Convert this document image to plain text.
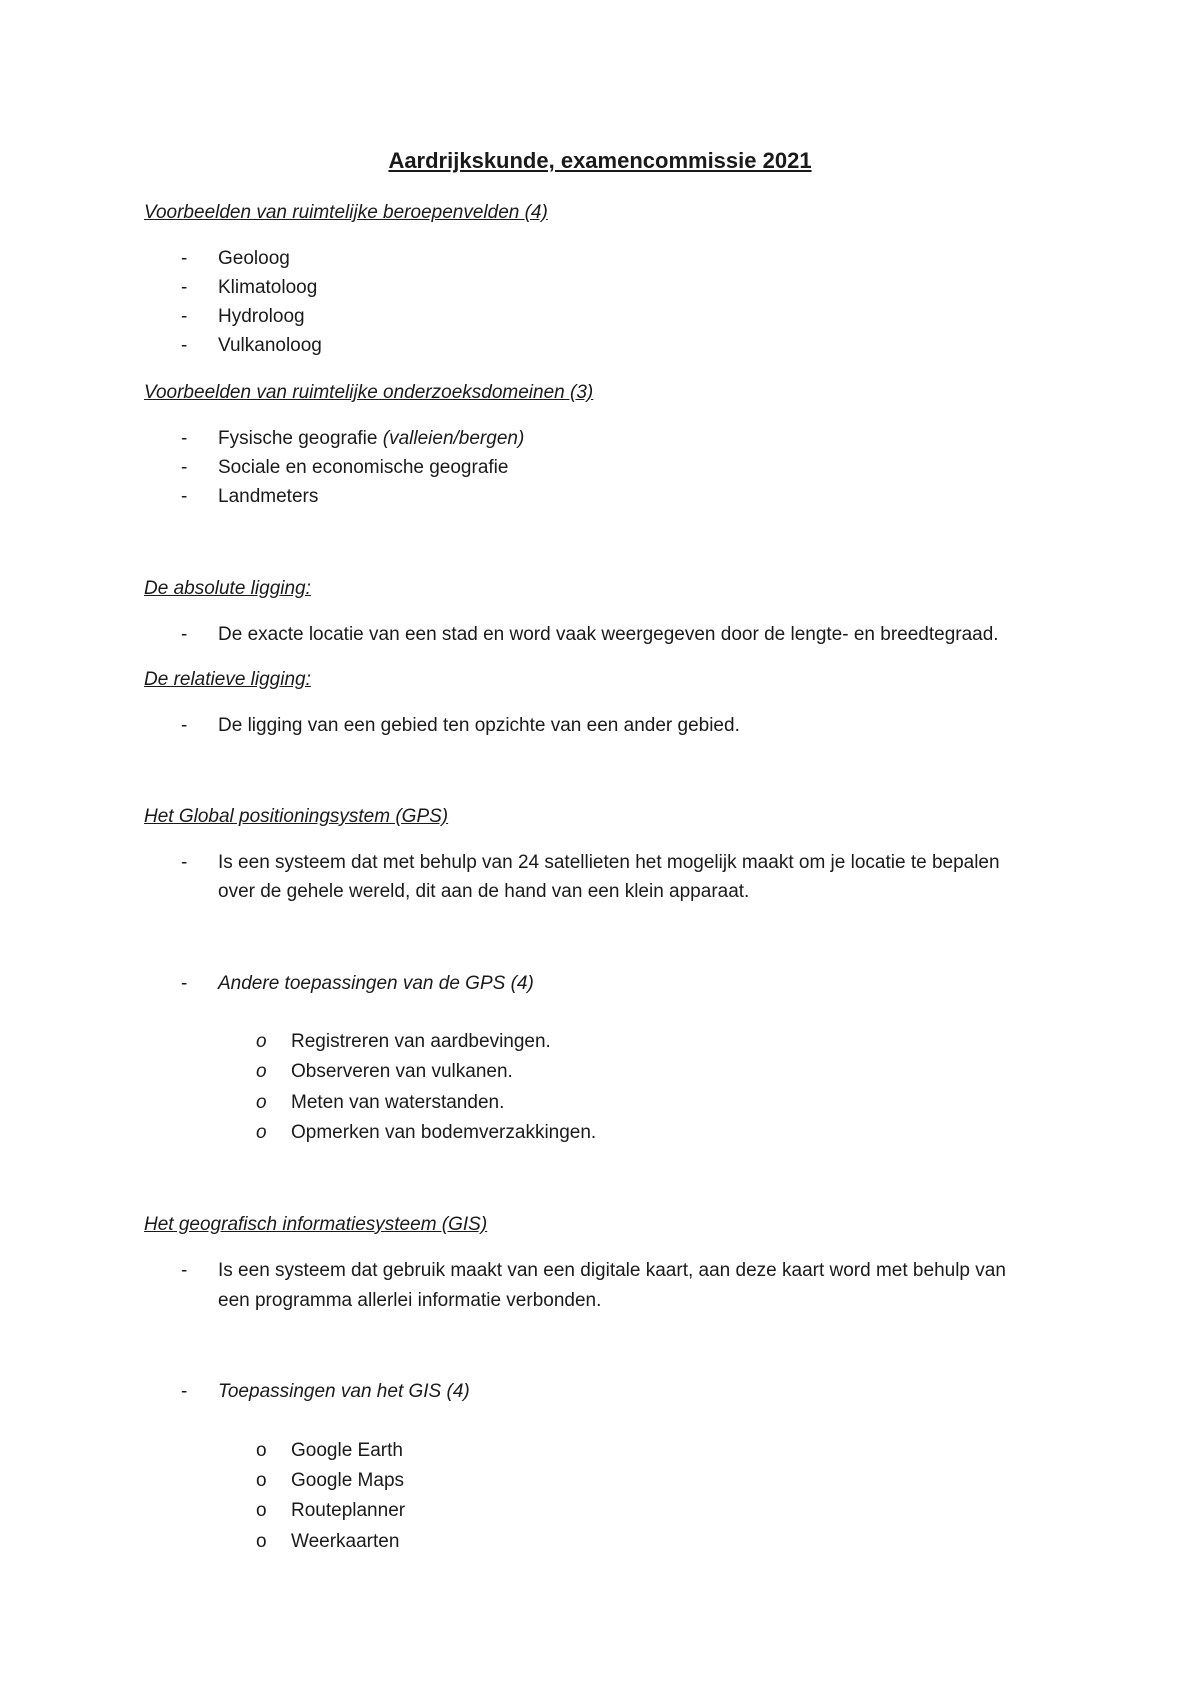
Aardrijkskunde, examencommissie 2021
Voorbeelden van ruimtelijke beroepenvelden (4)
- Geoloog
- Klimatoloog
- Hydroloog
- Vulkanoloog
Voorbeelden van ruimtelijke onderzoeksdomeinen (3)
- Fysische geografie (valleien/bergen)
- Sociale en economische geografie
- Landmeters
De absolute ligging:
- De exacte locatie van een stad en word vaak weergegeven door de lengte- en breedtegraad.
De relatieve ligging:
- De ligging van een gebied ten opzichte van een ander gebied.
Het Global positioningsystem (GPS)
- Is een systeem dat met behulp van 24 satellieten het mogelijk maakt om je locatie te bepalen
over de gehele wereld, dit aan de hand van een klein apparaat.
- Andere toepassingen van de GPS (4)
o Registreren van aardbevingen.
o Observeren van vulkanen.
o Meten van waterstanden.
o Opmerken van bodemverzakkingen.
Het geografisch informatiesysteem (GIS)
- Is een systeem dat gebruik maakt van een digitale kaart, aan deze kaart word met behulp van
een programma allerlei informatie verbonden.
- Toepassingen van het GIS (4)
o Google Earth
o Google Maps
o Routeplanner
o Weerkaarten
